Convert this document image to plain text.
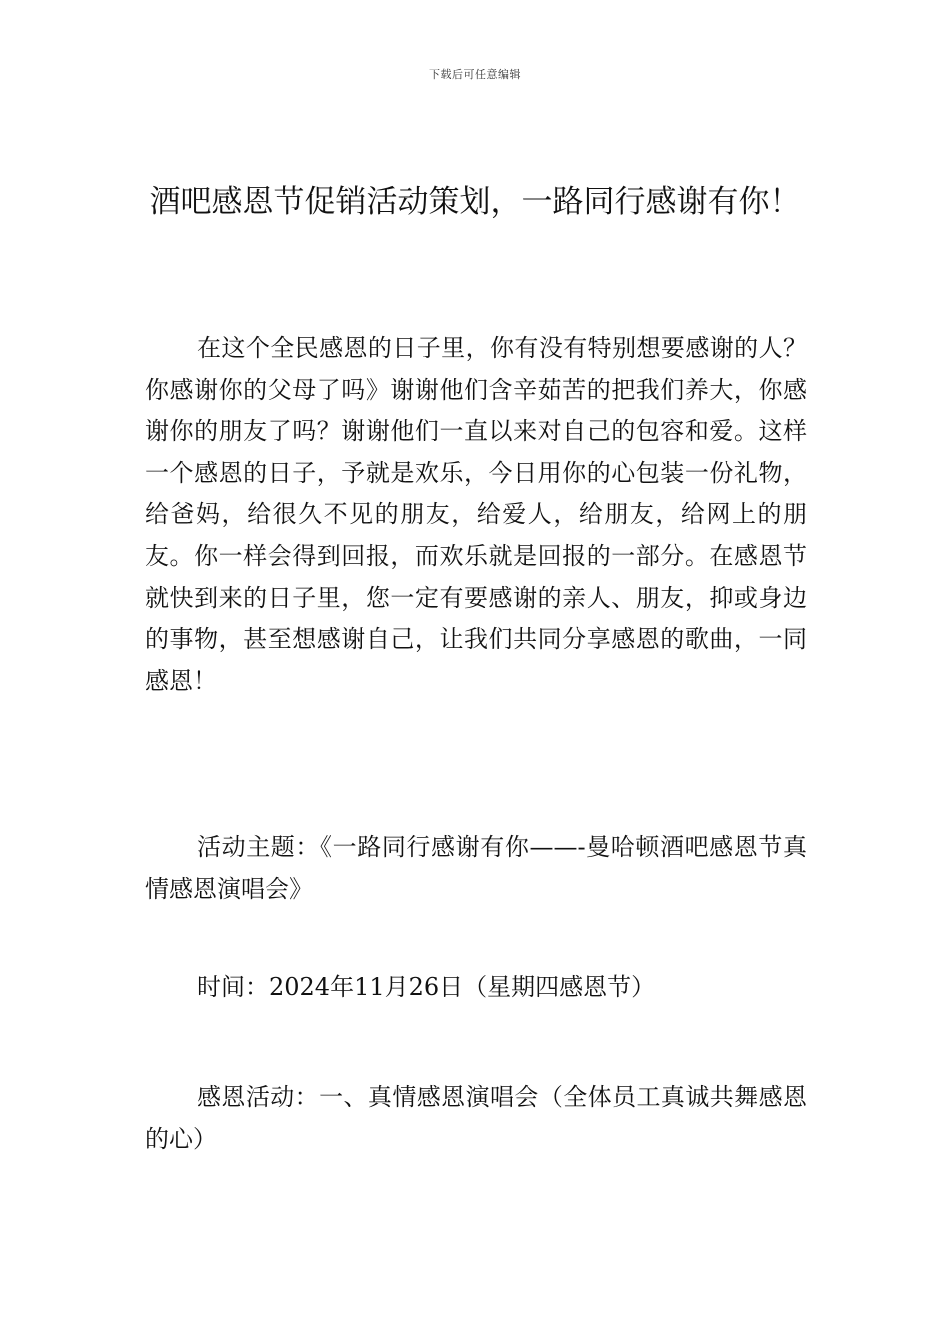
下载后可任意编辑
酒吧感恩节促销活动策划，一路同行感谢有你！

在这个全民感恩的日子里，你有没有特别想要感谢的人？你感谢你的父母了吗》谢谢他们含辛茹苦的把我们养大，你感谢你的朋友了吗？谢谢他们一直以来对自己的包容和爱。这样一个感恩的日子，予就是欢乐，今日用你的心包装一份礼物，给爸妈，给很久不见的朋友，给爱人，给朋友，给网上的朋友。你一样会得到回报，而欢乐就是回报的一部分。在感恩节就快到来的日子里，您一定有要感谢的亲人、朋友，抑或身边的事物，甚至想感谢自己，让我们共同分享感恩的歌曲，一同感恩！

活动主题：《一路同行感谢有你——-曼哈顿酒吧感恩节真情感恩演唱会》

时间：2024年11月26日（星期四感恩节）

感恩活动：一、真情感恩演唱会（全体员工真诚共舞感恩的心）
